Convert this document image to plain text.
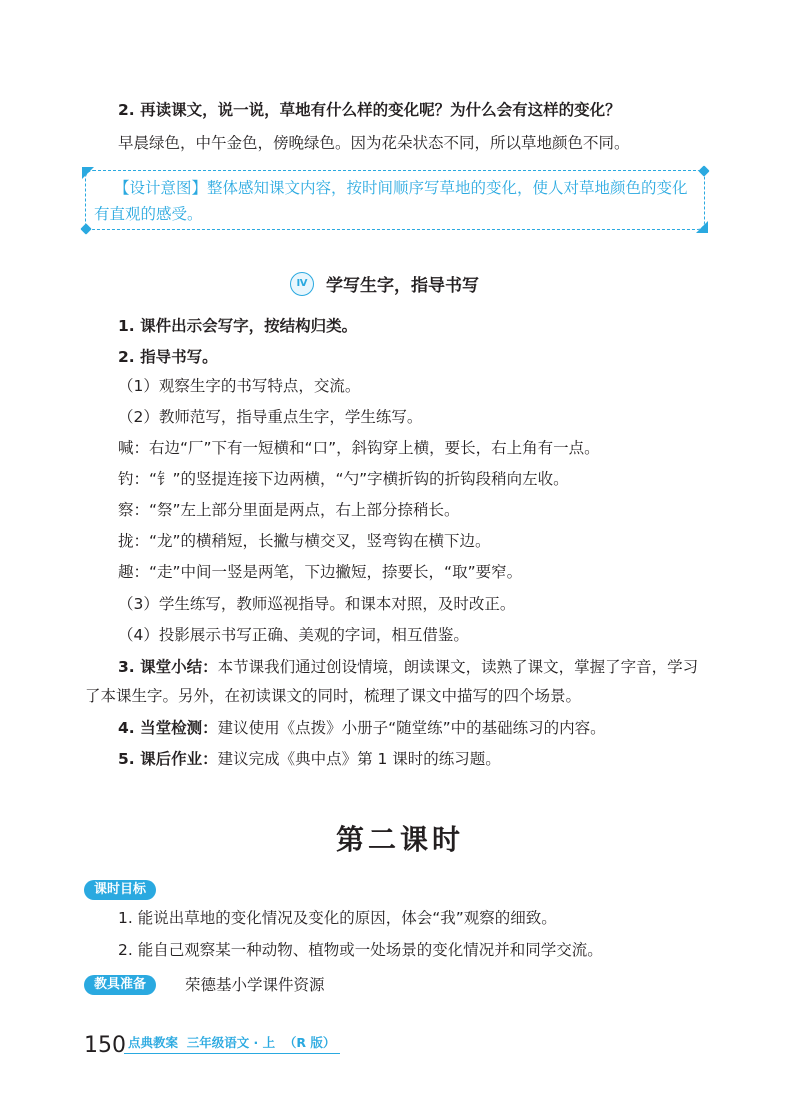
2. 再读课文，说一说，草地有什么样的变化呢？为什么会有这样的变化？
早晨绿色，中午金色，傍晚绿色。因为花朵状态不同，所以草地颜色不同。
【设计意图】整体感知课文内容，按时间顺序写草地的变化，使人对草地颜色的变化有直观的感受。
Ⅳ	学写生字，指导书写
1. 课件出示会写字，按结构归类。
2. 指导书写。
（1）观察生字的书写特点，交流。
（2）教师范写，指导重点生字，学生练写。
喊：右边“厂”下有一短横和“口”，斜钩穿上横，要长，右上角有一点。
钓：“钅”的竖提连接下边两横，“勺”字横折钩的折钩段稍向左收。
察：“祭”左上部分里面是两点，右上部分捺稍长。
拢：“龙”的横稍短，长撇与横交叉，竖弯钩在横下边。
趣：“走”中间一竖是两笔，下边撇短，捺要长，“取”要窄。
（3）学生练写，教师巡视指导。和课本对照，及时改正。
（4）投影展示书写正确、美观的字词，相互借鉴。
3. 课堂小结：本节课我们通过创设情境，朗读课文，读熟了课文，掌握了字音，学习了本课生字。另外，在初读课文的同时，梳理了课文中描写的四个场景。
4. 当堂检测：建议使用《点拨》小册子“随堂练”中的基础练习的内容。
5. 课后作业：建议完成《典中点》第 1 课时的练习题。
第二课时
课时目标
1. 能说出草地的变化情况及变化的原因，体会“我”观察的细致。
2. 能自己观察某一种动物、植物或一处场景的变化情况并和同学交流。
教具准备	荣德基小学课件资源
150 点典教案  三年级语文 · 上  （R 版）
